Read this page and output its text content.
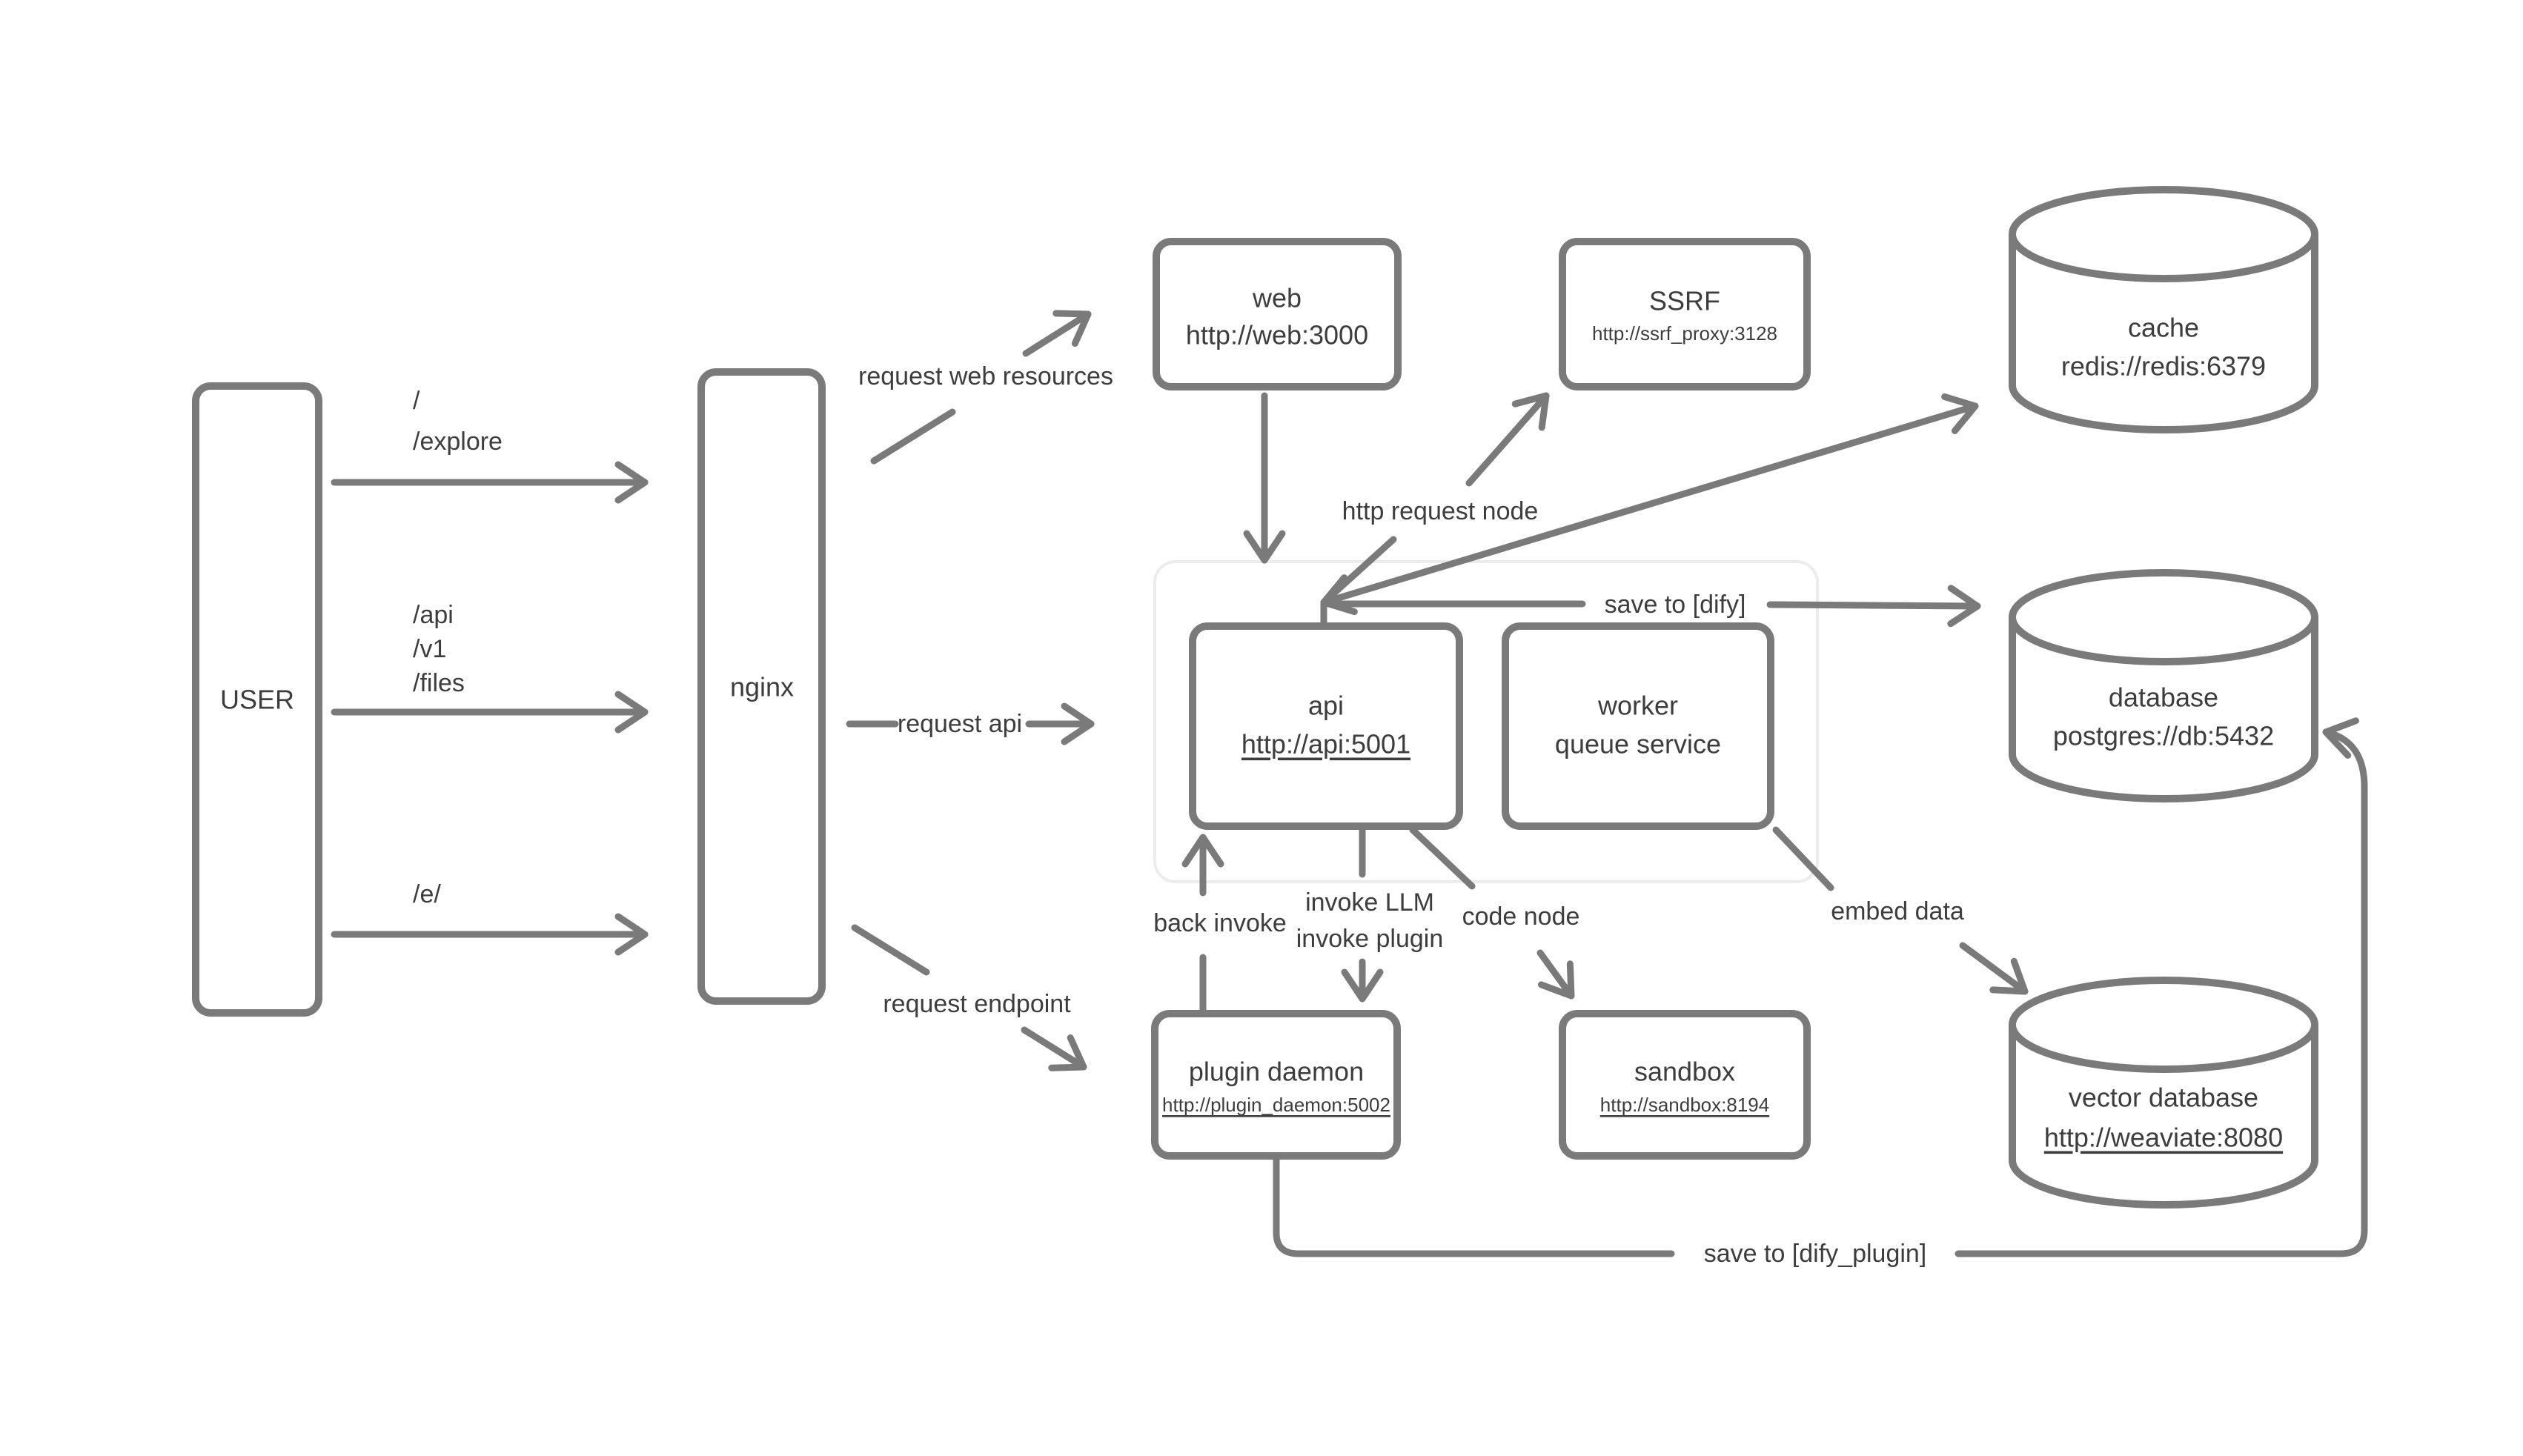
USER	nginx
web
http://web:3000
SSRF
http://ssrf_proxy:3128	cache
redis://redis:6379
api
http://api:5001
worker
queue service
database
postgres://db:5432
plugin daemon
http://plugin_daemon:5002
sandbox
http://sandbox:8194	vector database
http://weaviate:8080
/
/explore
/api
/v1
/files
/e/
request web resources
request api
request endpoint
http request node
save to [dify]
back invoke
invoke LLM
invoke plugin
code node	embed data
save to [dify_plugin]
